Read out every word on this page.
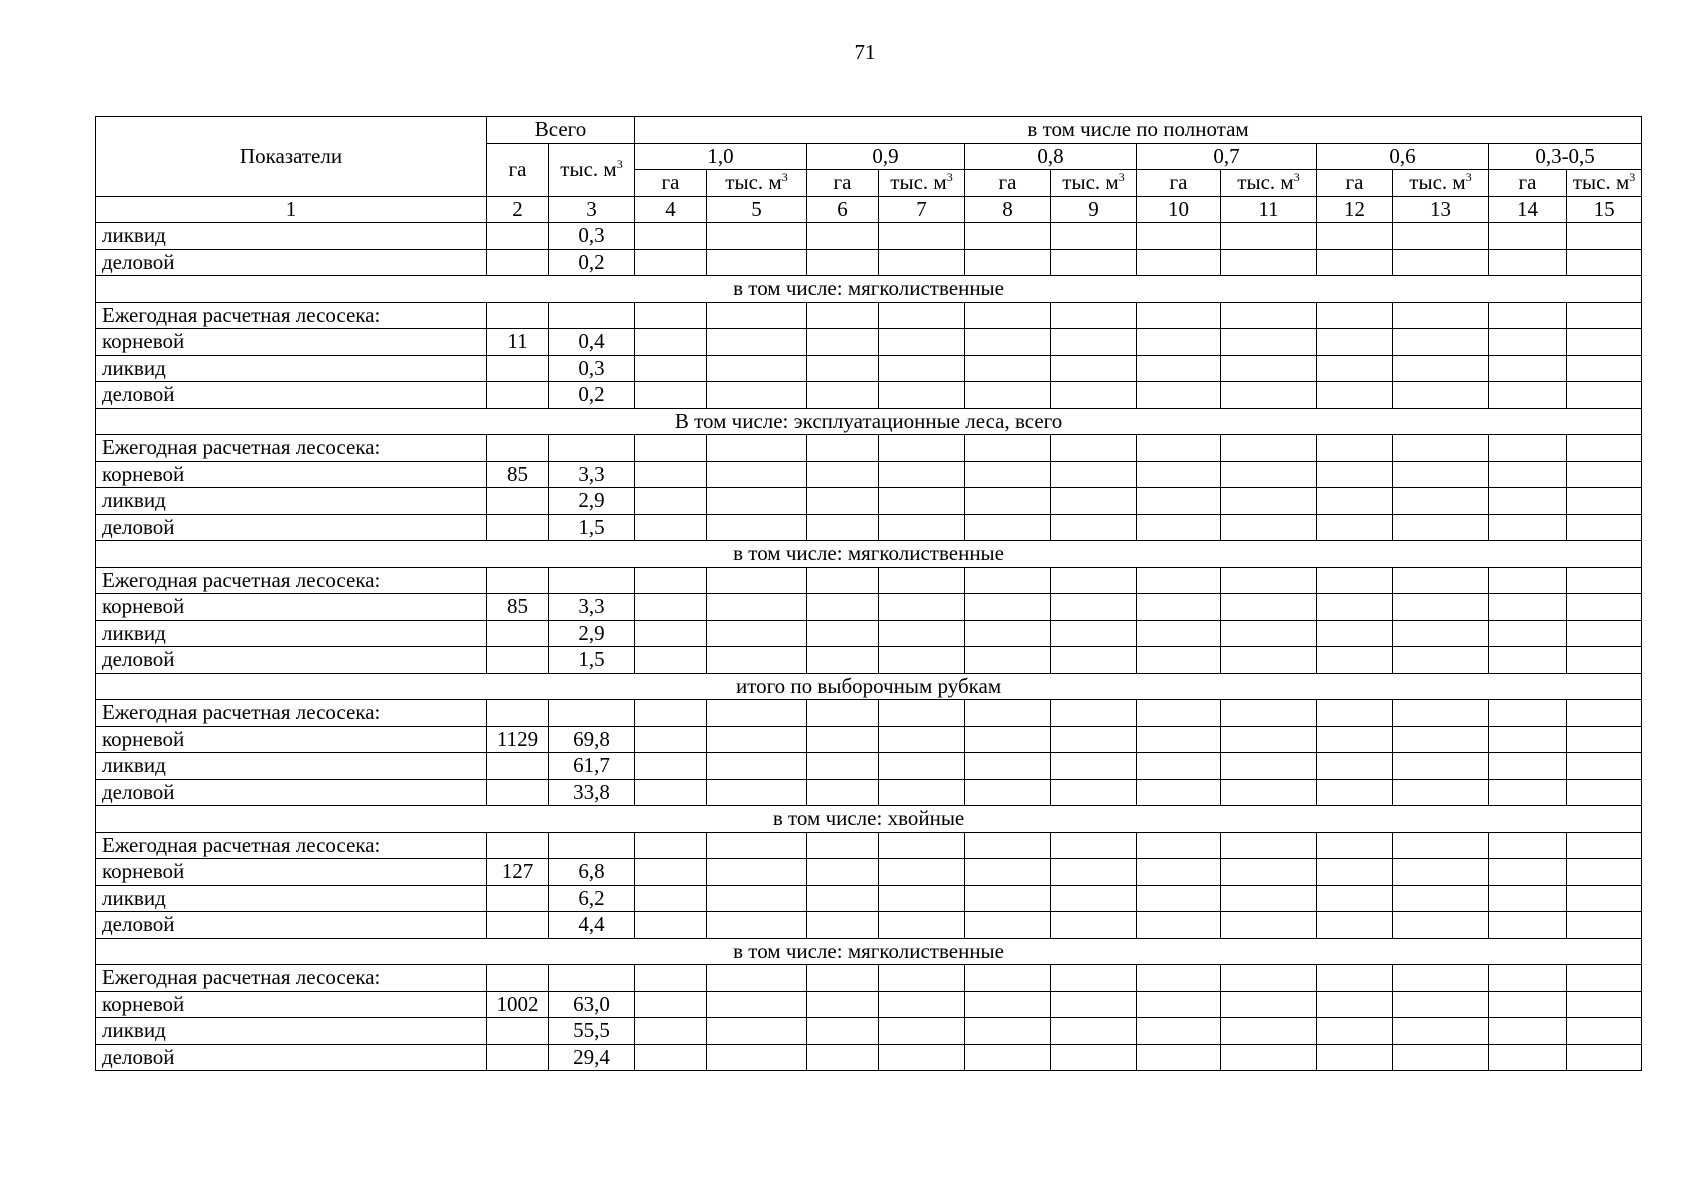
71
Показатели	Всего		в том числе по полнотам											
	га	тыс. $м^3$	1,0		0,9		0,8		0,7		0,6		0,3-0,5	
			га	тыс. $м^3$	га	тыс. $м^3$	га	тыс. $м^3$	га	тыс. $м^3$	га	тыс. $м^3$	га	тыс. $м^3$
1	2	3	4	5	6	7	8	9	10	11	12	13	14	15
ликвид		0,3												
деловой		0,2												
в том числе: мягколиственные														
Ежегодная расчетная лесосека:														
корневой	11	0,4												
ликвид		0,3												
деловой		0,2												
В том числе: эксплуатационные леса, всего														
Ежегодная расчетная лесосека:														
корневой	85	3,3												
ликвид		2,9												
деловой		1,5												
в том числе: мягколиственные														
Ежегодная расчетная лесосека:														
корневой	85	3,3												
ликвид		2,9												
деловой		1,5												
итого по выборочным рубкам														
Ежегодная расчетная лесосека:														
корневой	1129	69,8												
ликвид		61,7												
деловой		33,8												
в том числе: хвойные														
Ежегодная расчетная лесосека:														
корневой	127	6,8												
ликвид		6,2												
деловой		4,4												
в том числе: мягколиственные														
Ежегодная расчетная лесосека:														
корневой	1002	63,0												
ликвид		55,5												
деловой		29,4												
